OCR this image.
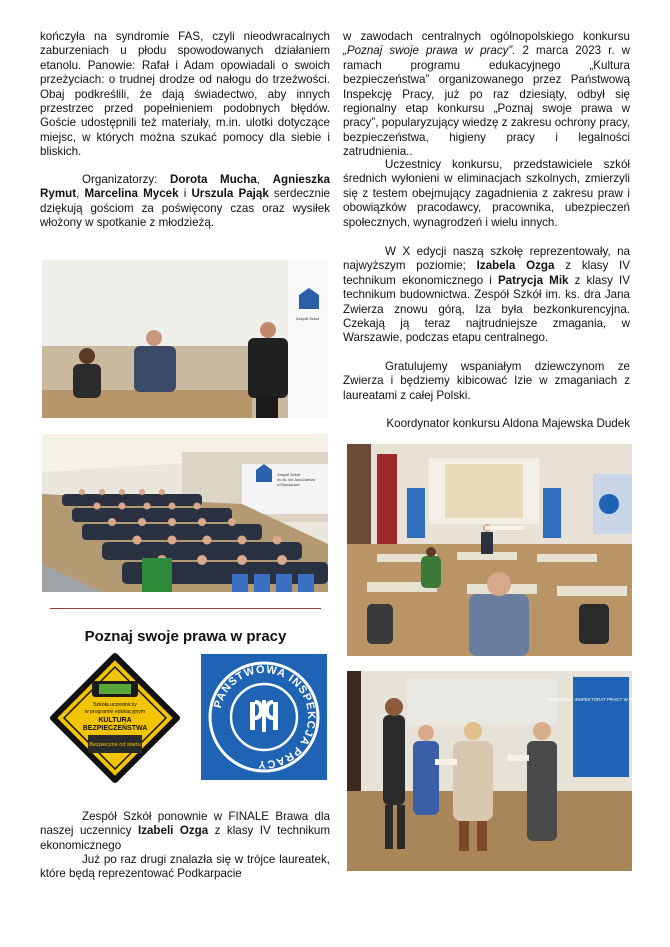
kończyła na syndromie FAS, czyli nieodwracalnych zaburzeniach u płodu spowodowanych działaniem etanolu. Panowie: Rafał i Adam opowiadali o swoich przeżyciach: o trudnej drodze od nałogu do trzeźwości. Obaj podkreślili, że dają świadectwo, aby innych przestrzec przed popełnieniem podobnych błędów. Goście udostępnili też materiały, m.in. ulotki dotyczące miejsc, w których można szukać pomocy dla siebie i bliskich.

Organizatorzy: Dorota Mucha, Agnieszka Rymut, Marcelina Mycek i Urszula Pająk serdecznie dziękują gościom za poświęcony czas oraz wysiłek włożony w spotkanie z młodzieżą.

Zespół Szkół
Zespół Szkół
im. ks. dra Jana Zwierza
w Ropczycach
Poznaj swoje prawa w pracy
Szkoła uczestniczy
w programie edukacyjnym
KULTURA
BEZPIECZEŃSTWA
Bezpieczne od startu
PAŃSTWOWA INSPEKCJA PRACY
PIP

Zespół Szkół ponownie w FINALE Brawa dla naszej uczennicy Izabeli Ozga z klasy IV technikum ekonomicznego

Już po raz drugi znalazła się w trójce laureatek, które będą reprezentować Podkarpacie

w zawodach centralnych ogólnopolskiego konkursu „Poznaj swoje prawa w pracy”. 2 marca 2023 r. w ramach programu edukacyjnego „Kultura bezpieczeństwa” organizowanego przez Państwową Inspekcję Pracy, już po raz dziesiąty, odbył się regionalny etap konkursu „Poznaj swoje prawa w pracy”, popularyzujący wiedzę z zakresu ochrony pracy, bezpieczeństwa, higieny pracy i legalności zatrudnienia..

Uczestnicy konkursu, przedstawiciele szkół średnich wyłonieni w eliminacjach szkolnych, zmierzyli się z testem obejmujący zagadnienia z zakresu praw i obowiązków pracodawcy, pracownika, ubezpieczeń społecznych, wynagrodzeń i wielu innych.

W X edycji naszą szkołę reprezentowały, na najwyższym poziomie; Izabela Ozga z klasy IV technikum ekonomicznego i Patrycja Mik z klasy IV technikum budownictwa. Zespół Szkół im. ks. dra Jana Zwierza znowu górą, Iza była bezkonkurencyjna. Czekają ją teraz najtrudniejsze zmagania, w Warszawie, podczas etapu centralnego.

Gratulujemy wspaniałym dziewczynom ze Zwierza i będziemy kibicować Izie w zmaganiach z laureatami z całej Polski.

Koordynator konkursu Aldona Majewska Dudek

OKRĘGOWY INSPEKTORAT PRACY W RZESZOWIE
